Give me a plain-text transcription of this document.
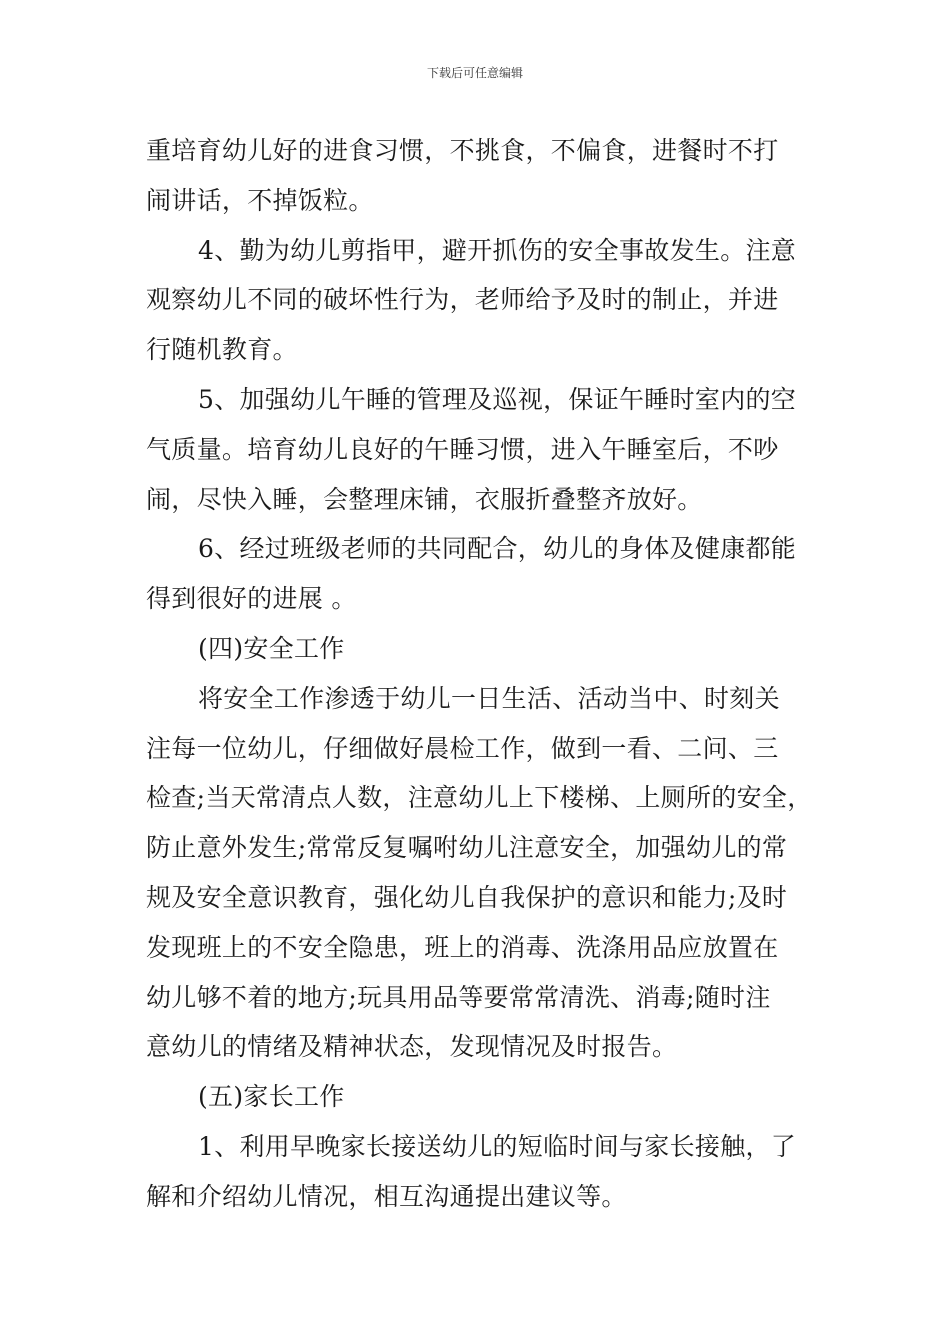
下载后可任意编辑

重培育幼儿好的进食习惯，不挑食，不偏食，进餐时不打
闹讲话，不掉饭粒。

4、勤为幼儿剪指甲，避开抓伤的安全事故发生。注意
观察幼儿不同的破坏性行为，老师给予及时的制止，并进
行随机教育。

5、加强幼儿午睡的管理及巡视，保证午睡时室内的空
气质量。培育幼儿良好的午睡习惯，进入午睡室后，不吵
闹，尽快入睡，会整理床铺，衣服折叠整齐放好。

6、经过班级老师的共同配合，幼儿的身体及健康都能
得到很好的进展 。

(四)安全工作

将安全工作渗透于幼儿一日生活、活动当中、时刻关
注每一位幼儿，仔细做好晨检工作，做到一看、二问、三
检查;当天常清点人数，注意幼儿上下楼梯、上厕所的安全，
防止意外发生;常常反复嘱咐幼儿注意安全，加强幼儿的常
规及安全意识教育，强化幼儿自我保护的意识和能力;及时
发现班上的不安全隐患，班上的消毒、洗涤用品应放置在
幼儿够不着的地方;玩具用品等要常常清洗、消毒;随时注
意幼儿的情绪及精神状态，发现情况及时报告。

(五)家长工作

1、利用早晚家长接送幼儿的短临时间与家长接触，了
解和介绍幼儿情况，相互沟通提出建议等。
